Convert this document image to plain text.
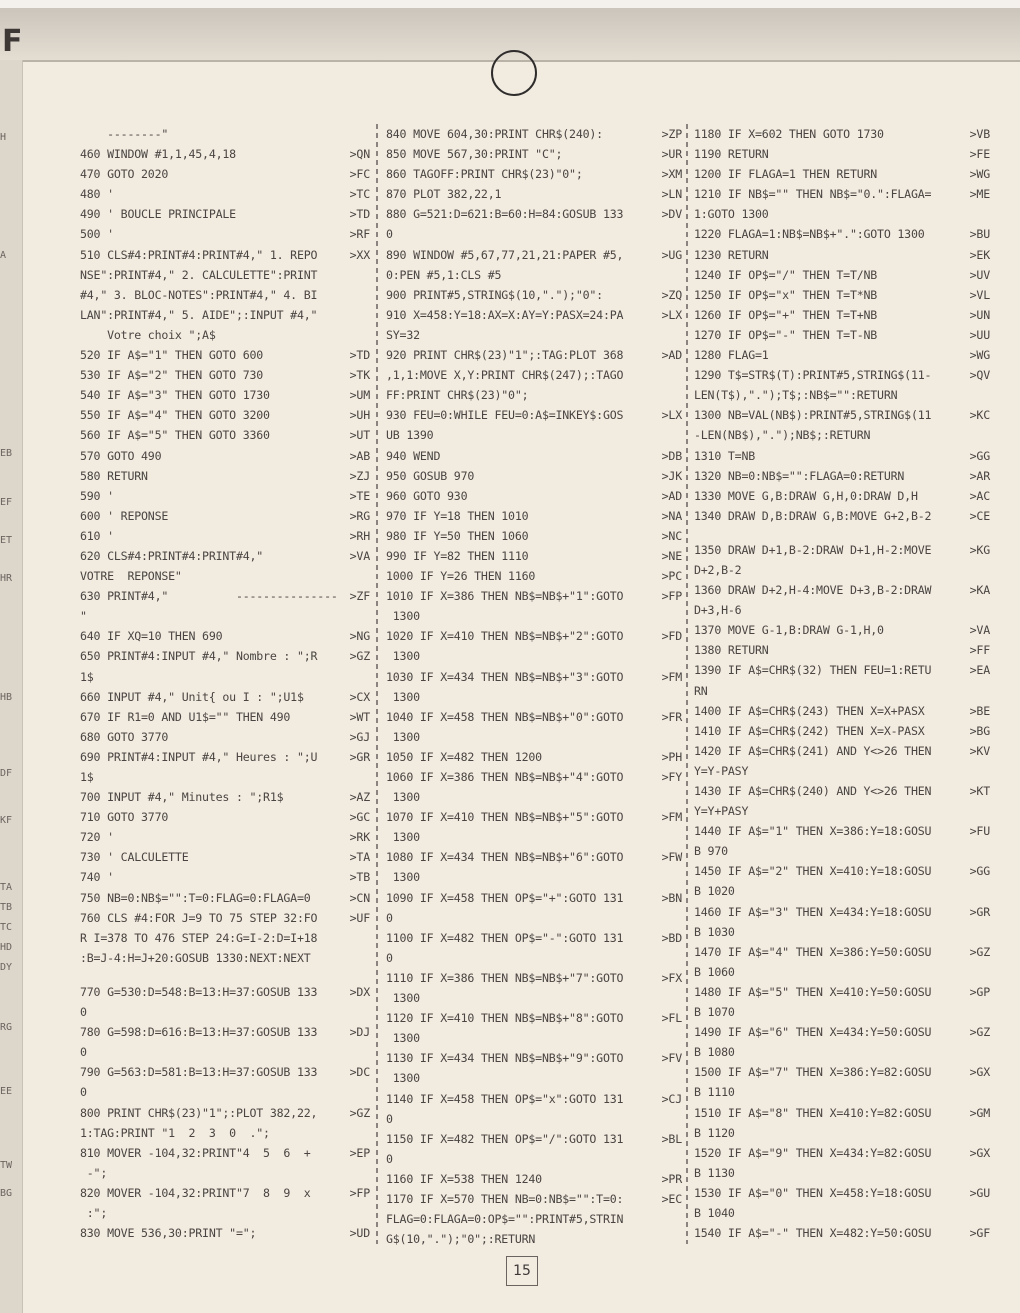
F
H
A
EB
EF
ET
HR
HB
DF
KF
TA
TB
TC
HD
DY
RG
EE
TW
BG
--------"
460 WINDOW #1,1,45,4,18	>QN
470 GOTO 2020	>FC
480 '	>TC
490 ' BOUCLE PRINCIPALE	>TD
500 '	>RF
510 CLS#4:PRINT#4:PRINT#4," 1. REPO	>XX
NSE":PRINT#4," 2. CALCULETTE":PRINT
#4," 3. BLOC-NOTES":PRINT#4," 4. BI
LAN":PRINT#4," 5. AIDE";:INPUT #4,"
Votre choix ";A$
520 IF A$="1" THEN GOTO 600	>TD
530 IF A$="2" THEN GOTO 730	>TK
540 IF A$="3" THEN GOTO 1730	>UM
550 IF A$="4" THEN GOTO 3200	>UH
560 IF A$="5" THEN GOTO 3360	>UT
570 GOTO 490	>AB
580 RETURN	>ZJ
590 '	>TE
600 ' REPONSE	>RG
610 '	>RH
620 CLS#4:PRINT#4:PRINT#4,"	>VA
VOTRE  REPONSE"
630 PRINT#4,"          --------------- >ZF
"
640 IF XQ=10 THEN 690	>NG
650 PRINT#4:INPUT #4," Nombre : ";R	>GZ
1$
660 INPUT #4," Unit{ ou I : ";U1$	>CX
670 IF R1=0 AND U1$="" THEN 490	>WT
680 GOTO 3770	>GJ
690 PRINT#4:INPUT #4," Heures : ";U	>GR
1$
700 INPUT #4," Minutes : ";R1$	>AZ
710 GOTO 3770	>GC
720 '	>RK
730 ' CALCULETTE	>TA
740 '	>TB
750 NB=0:NB$="":T=0:FLAG=0:FLAGA=0	>CN
760 CLS #4:FOR J=9 TO 75 STEP 32:FO	>UF
R I=378 TO 476 STEP 24:G=I-2:D=I+18
:B=J-4:H=J+20:GOSUB 1330:NEXT:NEXT
770 G=530:D=548:B=13:H=37:GOSUB 133	>DX
0
780 G=598:D=616:B=13:H=37:GOSUB 133	>DJ
0
790 G=563:D=581:B=13:H=37:GOSUB 133	>DC
0
800 PRINT CHR$(23)"1";:PLOT 382,22,	>GZ
1:TAG:PRINT "1  2  3  0  .";
810 MOVER -104,32:PRINT"4  5  6  +	>EP
-";
820 MOVER -104,32:PRINT"7  8  9  x	>FP
:";
830 MOVE 536,30:PRINT "=";	>UD
840 MOVE 604,30:PRINT CHR$(240):	>ZP
850 MOVE 567,30:PRINT "C";	>UR
860 TAGOFF:PRINT CHR$(23)"0";	>XM
870 PLOT 382,22,1	>LN
880 G=521:D=621:B=60:H=84:GOSUB 133	>DV
0
890 WINDOW #5,67,77,21,21:PAPER #5,	>UG
0:PEN #5,1:CLS #5
900 PRINT#5,STRING$(10,".");"0":	>ZQ
910 X=458:Y=18:AX=X:AY=Y:PASX=24:PA	>LX
SY=32
920 PRINT CHR$(23)"1";:TAG:PLOT 368	>AD
,1,1:MOVE X,Y:PRINT CHR$(247);:TAGO
FF:PRINT CHR$(23)"0";
930 FEU=0:WHILE FEU=0:A$=INKEY$:GOS	>LX
UB 1390
940 WEND	>DB
950 GOSUB 970	>JK
960 GOTO 930	>AD
970 IF Y=18 THEN 1010	>NA
980 IF Y=50 THEN 1060	>NC
990 IF Y=82 THEN 1110	>NE
1000 IF Y=26 THEN 1160	>PC
1010 IF X=386 THEN NB$=NB$+"1":GOTO	>FP
1300
1020 IF X=410 THEN NB$=NB$+"2":GOTO	>FD
1300
1030 IF X=434 THEN NB$=NB$+"3":GOTO	>FM
1300
1040 IF X=458 THEN NB$=NB$+"0":GOTO	>FR
1300
1050 IF X=482 THEN 1200	>PH
1060 IF X=386 THEN NB$=NB$+"4":GOTO	>FY
1300
1070 IF X=410 THEN NB$=NB$+"5":GOTO	>FM
1300
1080 IF X=434 THEN NB$=NB$+"6":GOTO	>FW
1300
1090 IF X=458 THEN OP$="+":GOTO 131	>BN
0
1100 IF X=482 THEN OP$="-":GOTO 131	>BD
0
1110 IF X=386 THEN NB$=NB$+"7":GOTO	>FX
1300
1120 IF X=410 THEN NB$=NB$+"8":GOTO	>FL
1300
1130 IF X=434 THEN NB$=NB$+"9":GOTO	>FV
1300
1140 IF X=458 THEN OP$="x":GOTO 131	>CJ
0
1150 IF X=482 THEN OP$="/":GOTO 131	>BL
0
1160 IF X=538 THEN 1240	>PR
1170 IF X=570 THEN NB=0:NB$="":T=0:	>EC
FLAG=0:FLAGA=0:OP$="":PRINT#5,STRIN
G$(10,".");"0";:RETURN
1180 IF X=602 THEN GOTO 1730	>VB
1190 RETURN	>FE
1200 IF FLAGA=1 THEN RETURN	>WG
1210 IF NB$="" THEN NB$="0.":FLAGA=	>ME
1:GOTO 1300
1220 FLAGA=1:NB$=NB$+".":GOTO 1300	>BU
1230 RETURN	>EK
1240 IF OP$="/" THEN T=T/NB	>UV
1250 IF OP$="x" THEN T=T*NB	>VL
1260 IF OP$="+" THEN T=T+NB	>UN
1270 IF OP$="-" THEN T=T-NB	>UU
1280 FLAG=1	>WG
1290 T$=STR$(T):PRINT#5,STRING$(11-	>QV
LEN(T$),".");T$;:NB$="":RETURN
1300 NB=VAL(NB$):PRINT#5,STRING$(11	>KC
-LEN(NB$),".");NB$;:RETURN
1310 T=NB	>GG
1320 NB=0:NB$="":FLAGA=0:RETURN	>AR
1330 MOVE G,B:DRAW G,H,0:DRAW D,H	>AC
1340 DRAW D,B:DRAW G,B:MOVE G+2,B-2	>CE
1350 DRAW D+1,B-2:DRAW D+1,H-2:MOVE	>KG
D+2,B-2
1360 DRAW D+2,H-4:MOVE D+3,B-2:DRAW	>KA
D+3,H-6
1370 MOVE G-1,B:DRAW G-1,H,0	>VA
1380 RETURN	>FF
1390 IF A$=CHR$(32) THEN FEU=1:RETU	>EA
RN
1400 IF A$=CHR$(243) THEN X=X+PASX	>BE
1410 IF A$=CHR$(242) THEN X=X-PASX	>BG
1420 IF A$=CHR$(241) AND Y<>26 THEN	>KV
Y=Y-PASY
1430 IF A$=CHR$(240) AND Y<>26 THEN	>KT
Y=Y+PASY
1440 IF A$="1" THEN X=386:Y=18:GOSU	>FU
B 970
1450 IF A$="2" THEN X=410:Y=18:GOSU	>GG
B 1020
1460 IF A$="3" THEN X=434:Y=18:GOSU	>GR
B 1030
1470 IF A$="4" THEN X=386:Y=50:GOSU	>GZ
B 1060
1480 IF A$="5" THEN X=410:Y=50:GOSU	>GP
B 1070
1490 IF A$="6" THEN X=434:Y=50:GOSU	>GZ
B 1080
1500 IF A$="7" THEN X=386:Y=82:GOSU	>GX
B 1110
1510 IF A$="8" THEN X=410:Y=82:GOSU	>GM
B 1120
1520 IF A$="9" THEN X=434:Y=82:GOSU	>GX
B 1130
1530 IF A$="0" THEN X=458:Y=18:GOSU	>GU
B 1040
1540 IF A$="-" THEN X=482:Y=50:GOSU	>GF
15
